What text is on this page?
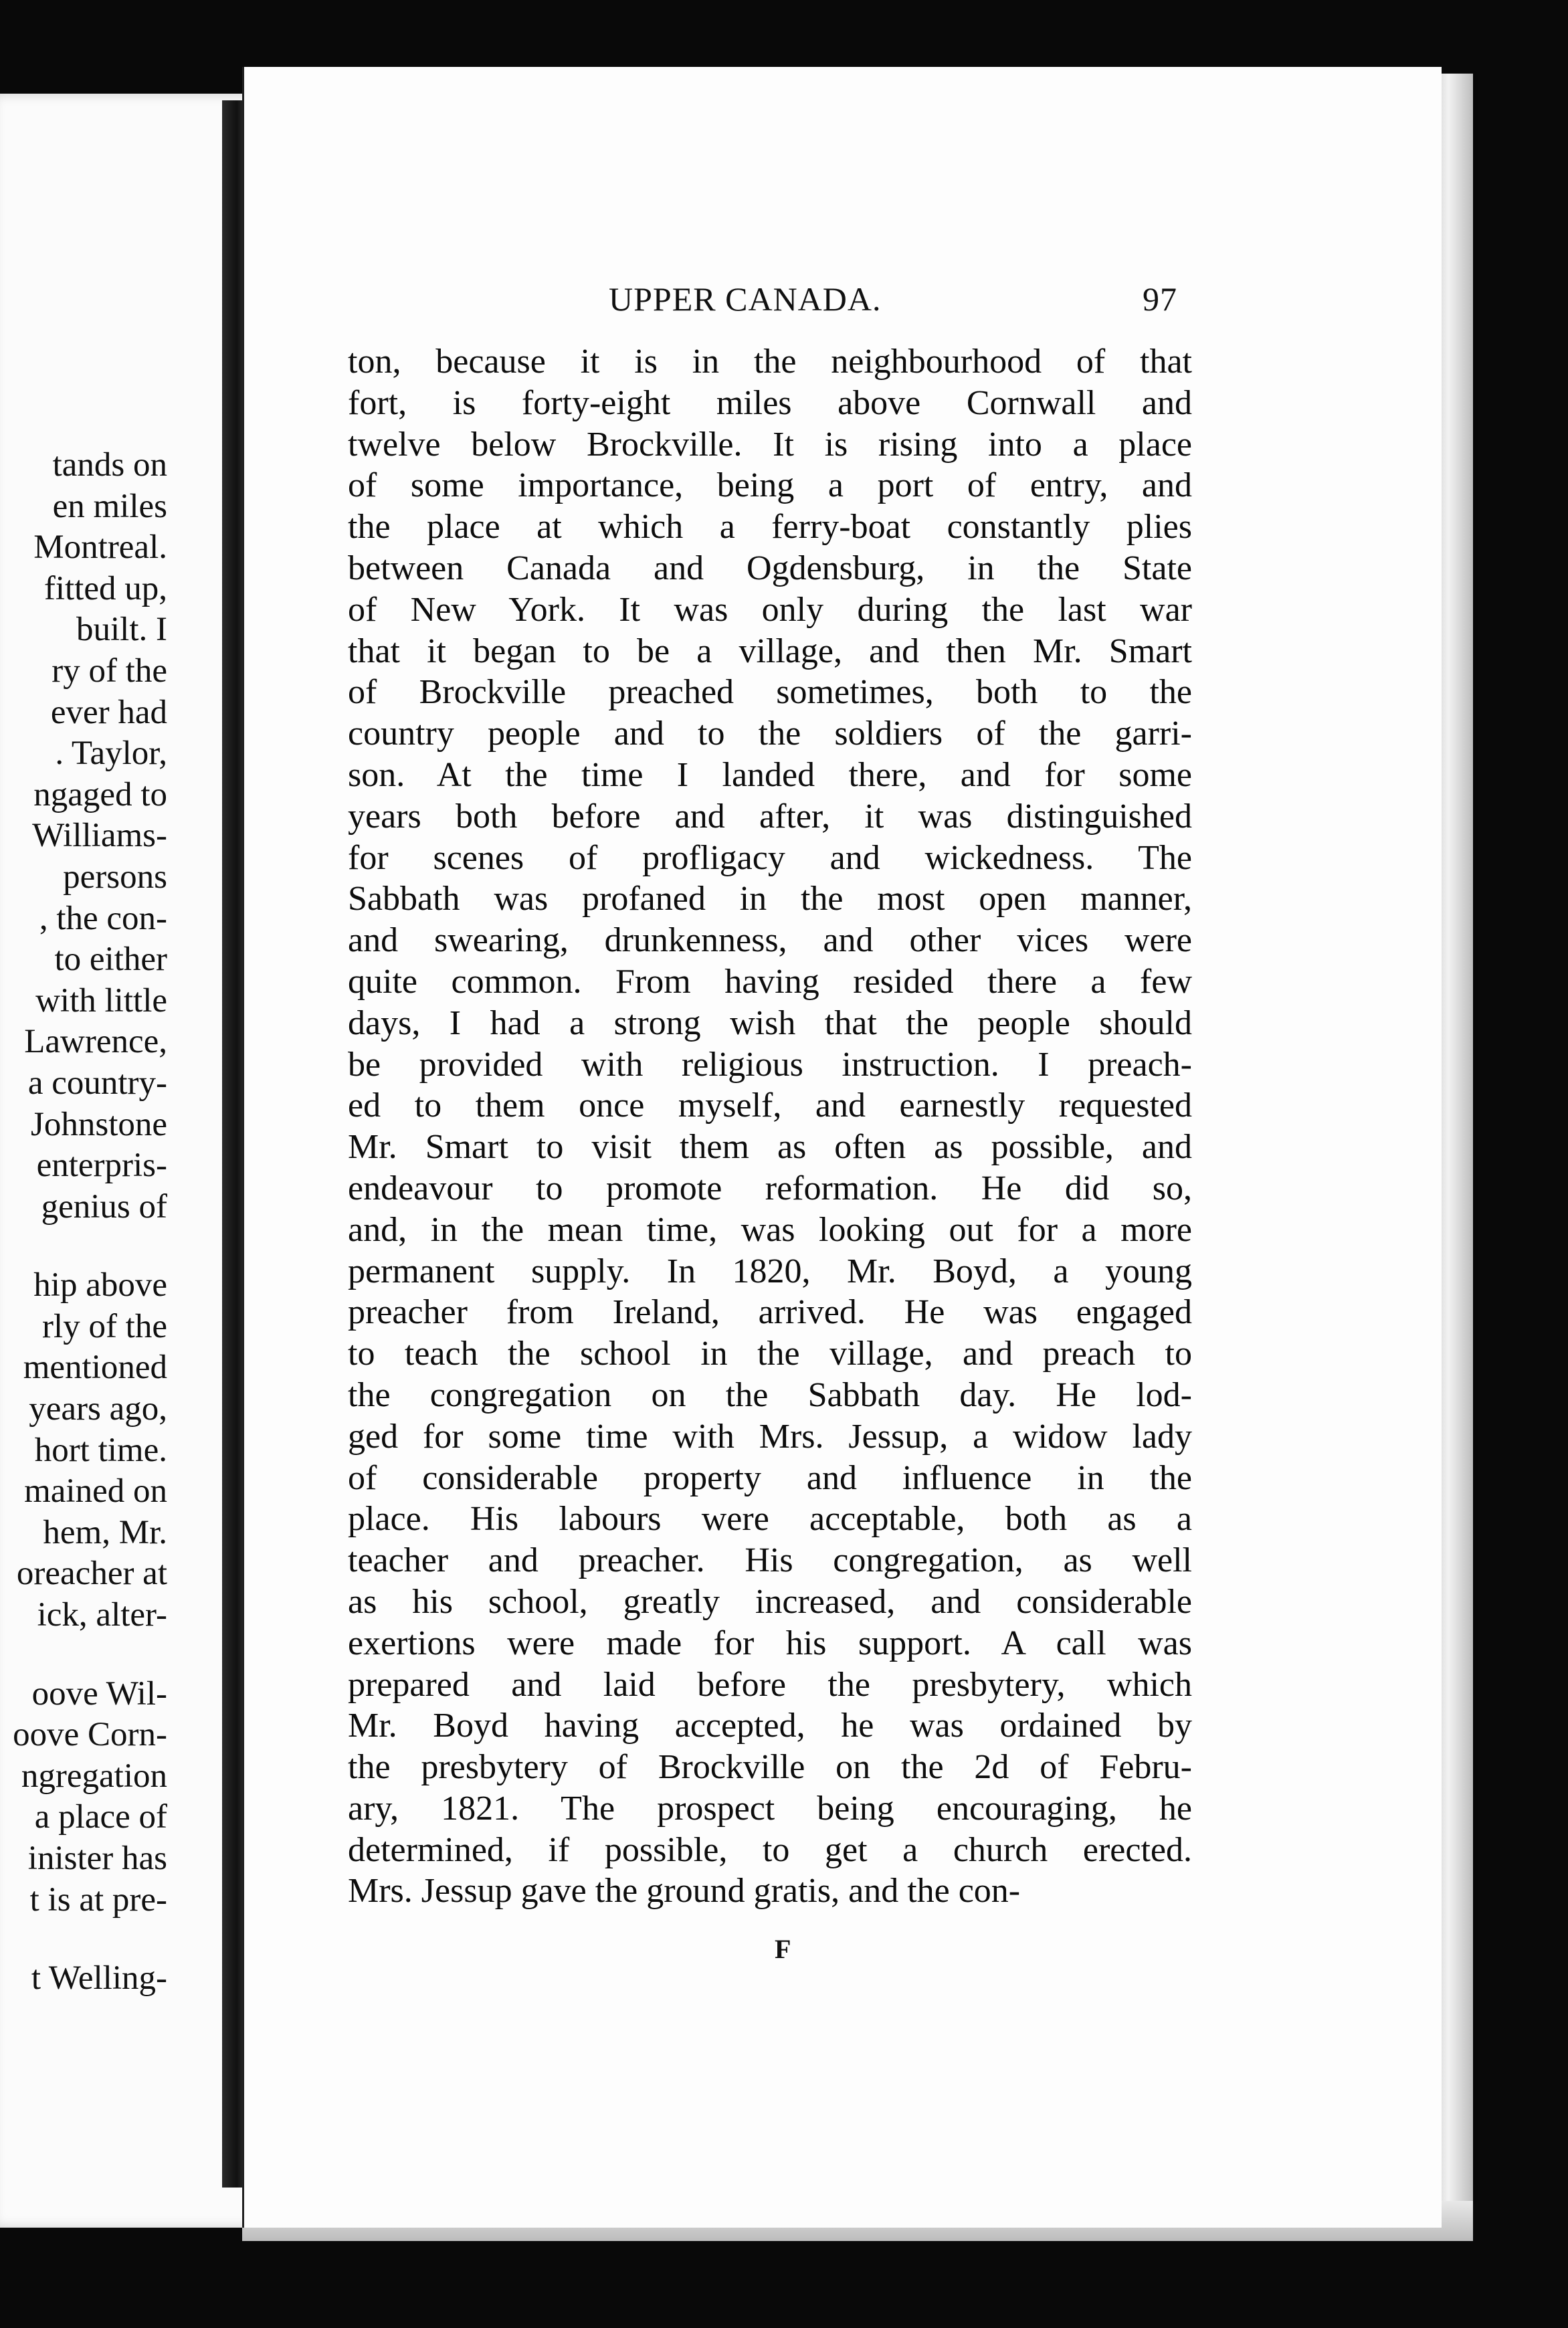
tands on
en miles
Montreal.
fitted up,
built. I
ry of the
ever had
. Taylor,
ngaged to
Williams-
persons
, the con-
to either
with little
Lawrence,
a country-
Johnstone
enterpris-
genius of
hip above
rly of the
mentioned
years ago,
hort time.
mained on
hem, Mr.
oreacher at
ick, alter-
oove Wil-
oove Corn-
ngregation
a place of
inister has
t is at pre-
t Welling-
UPPER CANADA.	97
ton, because it is in the neighbourhood of that
fort, is forty-eight miles above Cornwall and
twelve below Brockville. It is rising into a place
of some importance, being a port of entry, and
the place at which a ferry-boat constantly plies
between Canada and Ogdensburg, in the State
of New York. It was only during the last war
that it began to be a village, and then Mr. Smart
of Brockville preached sometimes, both to the
country people and to the soldiers of the garri-
son. At the time I landed there, and for some
years both before and after, it was distinguished
for scenes of profligacy and wickedness. The
Sabbath was profaned in the most open manner,
and swearing, drunkenness, and other vices were
quite common. From having resided there a few
days, I had a strong wish that the people should
be provided with religious instruction. I preach-
ed to them once myself, and earnestly requested
Mr. Smart to visit them as often as possible, and
endeavour to promote reformation. He did so,
and, in the mean time, was looking out for a more
permanent supply. In 1820, Mr. Boyd, a young
preacher from Ireland, arrived. He was engaged
to teach the school in the village, and preach to
the congregation on the Sabbath day. He lod-
ged for some time with Mrs. Jessup, a widow lady
of considerable property and influence in the
place. His labours were acceptable, both as a
teacher and preacher. His congregation, as well
as his school, greatly increased, and considerable
exertions were made for his support. A call was
prepared and laid before the presbytery, which
Mr. Boyd having accepted, he was ordained by
the presbytery of Brockville on the 2d of Febru-
ary, 1821. The prospect being encouraging, he
determined, if possible, to get a church erected.
Mrs. Jessup gave the ground gratis, and the con-
F
